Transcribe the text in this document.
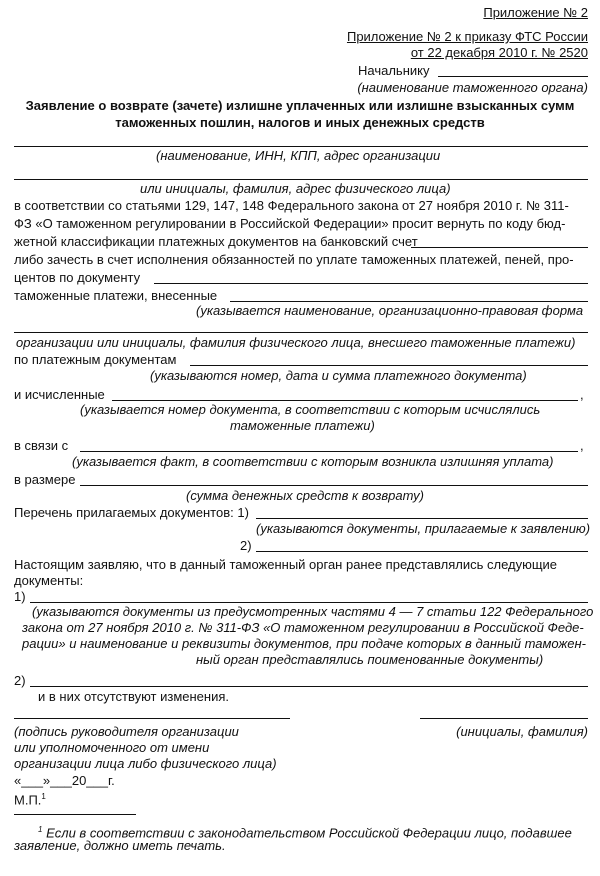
Приложение № 2
Приложение № 2 к приказу ФТС России
от 22 декабря 2010 г. № 2520
Начальнику
(наименование таможенного органа)
Заявление о возврате (зачете) излишне уплаченных или излишне взысканных сумм
таможенных пошлин, налогов и иных денежных средств
(наименование, ИНН, КПП, адрес организации
или инициалы, фамилия, адрес физического лица)
в соответствии со статьями 129, 147, 148 Федерального закона от 27 ноября 2010 г. № 311-
ФЗ «О таможенном регулировании в Российской Федерации» просит вернуть по коду бюд-
жетной классификации платежных документов на банковский счет
либо зачесть в счет исполнения обязанностей по уплате таможенных платежей, пеней, про-
центов по документу
таможенные платежи, внесенные
(указывается наименование, организационно-правовая форма
организации или инициалы, фамилия физического лица, внесшего таможенные платежи)
по платежным документам
(указываются номер, дата и сумма платежного документа)
и исчисленные	,
(указывается номер документа, в соответствии с которым исчислялись
таможенные платежи)
в связи с	,
(указывается факт, в соответствии с которым возникла излишняя уплата)
в размере
(сумма денежных средств к возврату)
Перечень прилагаемых документов: 1)
(указываются документы, прилагаемые к заявлению)
2)
Настоящим заявляю, что в данный таможенный орган ранее представлялись следующие
документы:
1)
(указываются документы из предусмотренных частями 4 — 7 статьи 122 Федерального
закона от 27 ноября 2010 г. № 311-ФЗ «О таможенном регулировании в Российской Феде-
рации» и наименование и реквизиты документов, при подаче которых в данный таможен-
ный орган представлялись поименованные документы)
2)
и в них отсутствуют изменения.
(подпись руководителя организации
или уполномоченного от имени
организации лица либо физического лица)
(инициалы, фамилия)
«___»___20___г.
М.П.$^1$
$^1$ Если в соответствии с законодательством Российской Федерации лицо, подавшее
заявление, должно иметь печать.
